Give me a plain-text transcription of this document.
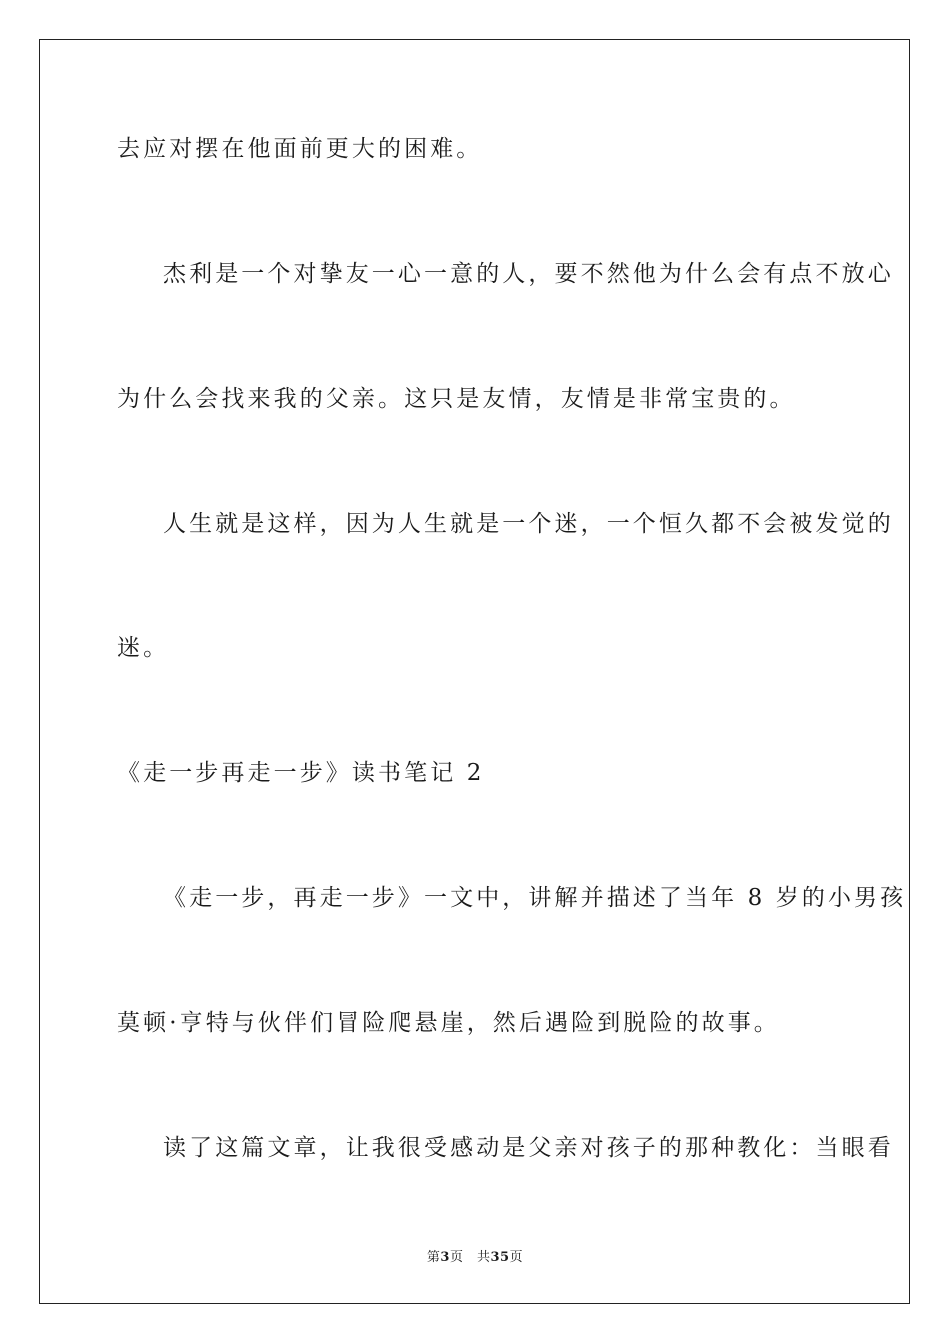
去应对摆在他面前更大的困难。
杰利是一个对挚友一心一意的人，要不然他为什么会有点不放心
为什么会找来我的父亲。这只是友情，友情是非常宝贵的。
人生就是这样，因为人生就是一个迷，一个恒久都不会被发觉的
迷。
《走一步再走一步》读书笔记 2
《走一步，再走一步》一文中，讲解并描述了当年 8 岁的小男孩
莫顿·亨特与伙伴们冒险爬悬崖，然后遇险到脱险的故事。
读了这篇文章，让我很受感动是父亲对孩子的那种教化：当眼看
第3页　共35页
